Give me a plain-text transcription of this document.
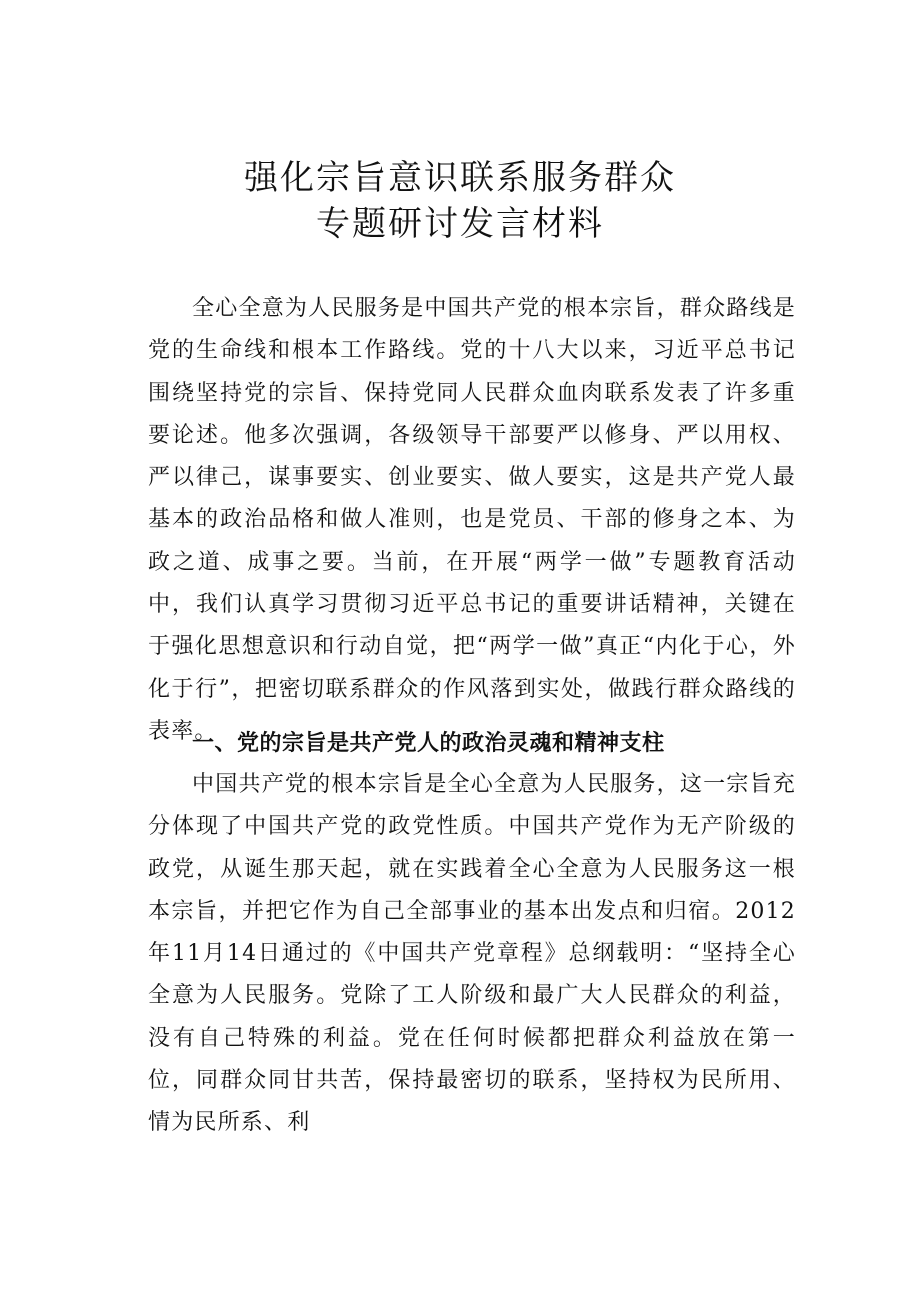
强化宗旨意识联系服务群众
专题研讨发言材料

全心全意为人民服务是中国共产党的根本宗旨，群众路线是党的生命线和根本工作路线。党的十八大以来，习近平总书记围绕坚持党的宗旨、保持党同人民群众血肉联系发表了许多重要论述。他多次强调，各级领导干部要严以修身、严以用权、严以律己，谋事要实、创业要实、做人要实，这是共产党人最基本的政治品格和做人准则，也是党员、干部的修身之本、为政之道、成事之要。当前，在开展“两学一做”专题教育活动中，我们认真学习贯彻习近平总书记的重要讲话精神，关键在于强化思想意识和行动自觉，把“两学一做”真正“内化于心，外化于行”，把密切联系群众的作风落到实处，做践行群众路线的表率。

一、党的宗旨是共产党人的政治灵魂和精神支柱

中国共产党的根本宗旨是全心全意为人民服务，这一宗旨充分体现了中国共产党的政党性质。中国共产党作为无产阶级的政党，从诞生那天起，就在实践着全心全意为人民服务这一根本宗旨，并把它作为自己全部事业的基本出发点和归宿。2012年11月14日通过的《中国共产党章程》总纲载明：“坚持全心全意为人民服务。党除了工人阶级和最广大人民群众的利益，没有自己特殊的利益。党在任何时候都把群众利益放在第一位，同群众同甘共苦，保持最密切的联系，坚持权为民所用、情为民所系、利
